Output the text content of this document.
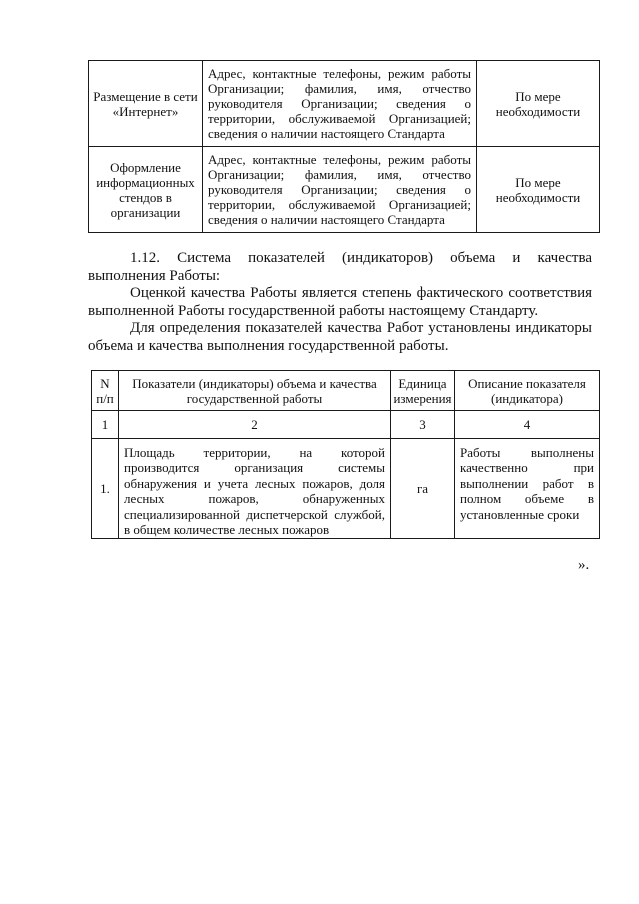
Размещение в сети «Интернет»	Адрес, контактные телефоны, режим работы Организации; фамилия, имя, отчество руководителя Организации; сведения о территории, обслуживаемой Организацией; сведения о наличии настоящего Стандарта	По мере необходимости
Оформление информационных стендов в организации	Адрес, контактные телефоны, режим работы Организации; фамилия, имя, отчество руководителя Организации; сведения о территории, обслуживаемой Организацией; сведения о наличии настоящего Стандарта	По мере необходимости

1.12. Система показателей (индикаторов) объема и качества выполнения Работы:

Оценкой качества Работы является степень фактического соответствия выполненной Работы государственной работы настоящему Стандарту.

Для определения показателей качества Работ установлены индикаторы объема и качества выполнения государственной работы.

N п/п	Показатели (индикаторы) объема и качества государственной работы	Единица измерения	Описание показателя (индикатора)
1	2	3	4
1.	Площадь территории, на которой производится организация системы обнаружения и учета лесных пожаров, доля лесных пожаров, обнаруженных специализированной диспетчерской службой, в общем количестве лесных пожаров	га	Работы выполнены качественно при выполнении работ в полном объеме в установленные сроки
».
